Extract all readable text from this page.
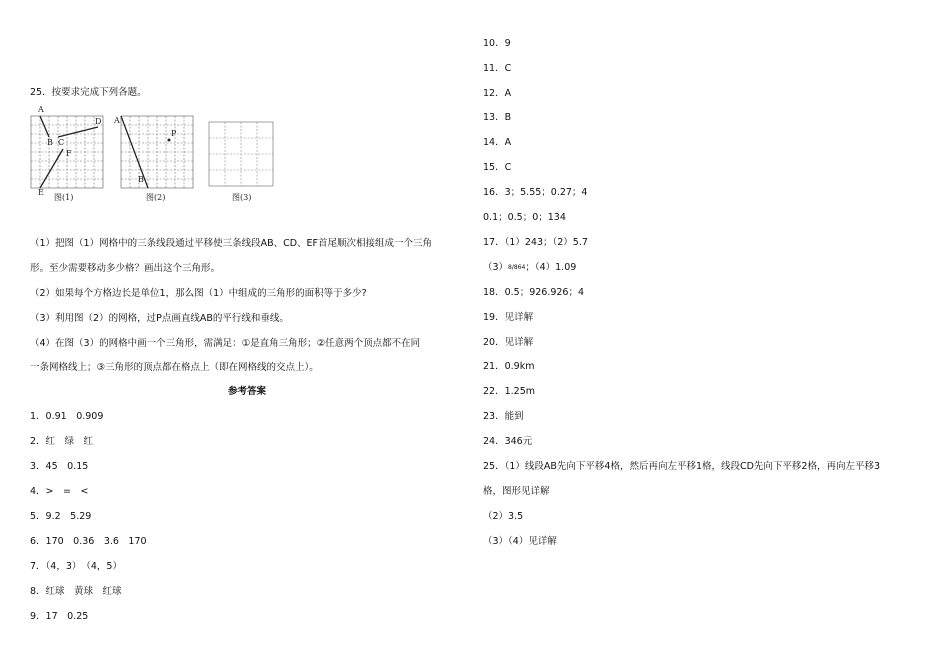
25．按要求完成下列各题。
A
B C
D
F
E
图(1)
A
P
B
图(2)	图(3)
（1）把图（1）网格中的三条线段通过平移使三条线段AB、CD、EF首尾顺次相接组成一个三角
形。至少需要移动多少格？画出这个三角形。
（2）如果每个方格边长是单位1，那么图（1）中组成的三角形的面积等于多少?
（3）利用图（2）的网格，过P点画直线AB的平行线和垂线。
（4）在图（3）的网格中画一个三角形，需满足：①是直角三角形；②任意两个顶点都不在同
一条网格线上；③三角形的顶点都在格点上（即在网格线的交点上）。
参考答案
1．0.91　0.909
2．红　绿　红
3．45　0.15
4．>　=　<
5．9.2　5.29
6．170　0.36　3.6　170
7．（4，3）　（4，5）
8．红球　黄球　红球
9．17　0.25
10．9
11．C
12．A
13．B
14．A
15．C
16．3；5.55；0.27；4
0.1；0.5；0；134
17．（1）243；（2）5.7
（3）8/864；（4）1.09
18．0.5；926.926；4
19．见详解
20．见详解
21．0.9km
22．1.25m
23．能到
24．346元
25．（1）线段AB先向下平移4格，然后再向左平移1格，线段CD先向下平移2格，再向左平移3
格，图形见详解
（2）3.5
（3）（4）见详解
